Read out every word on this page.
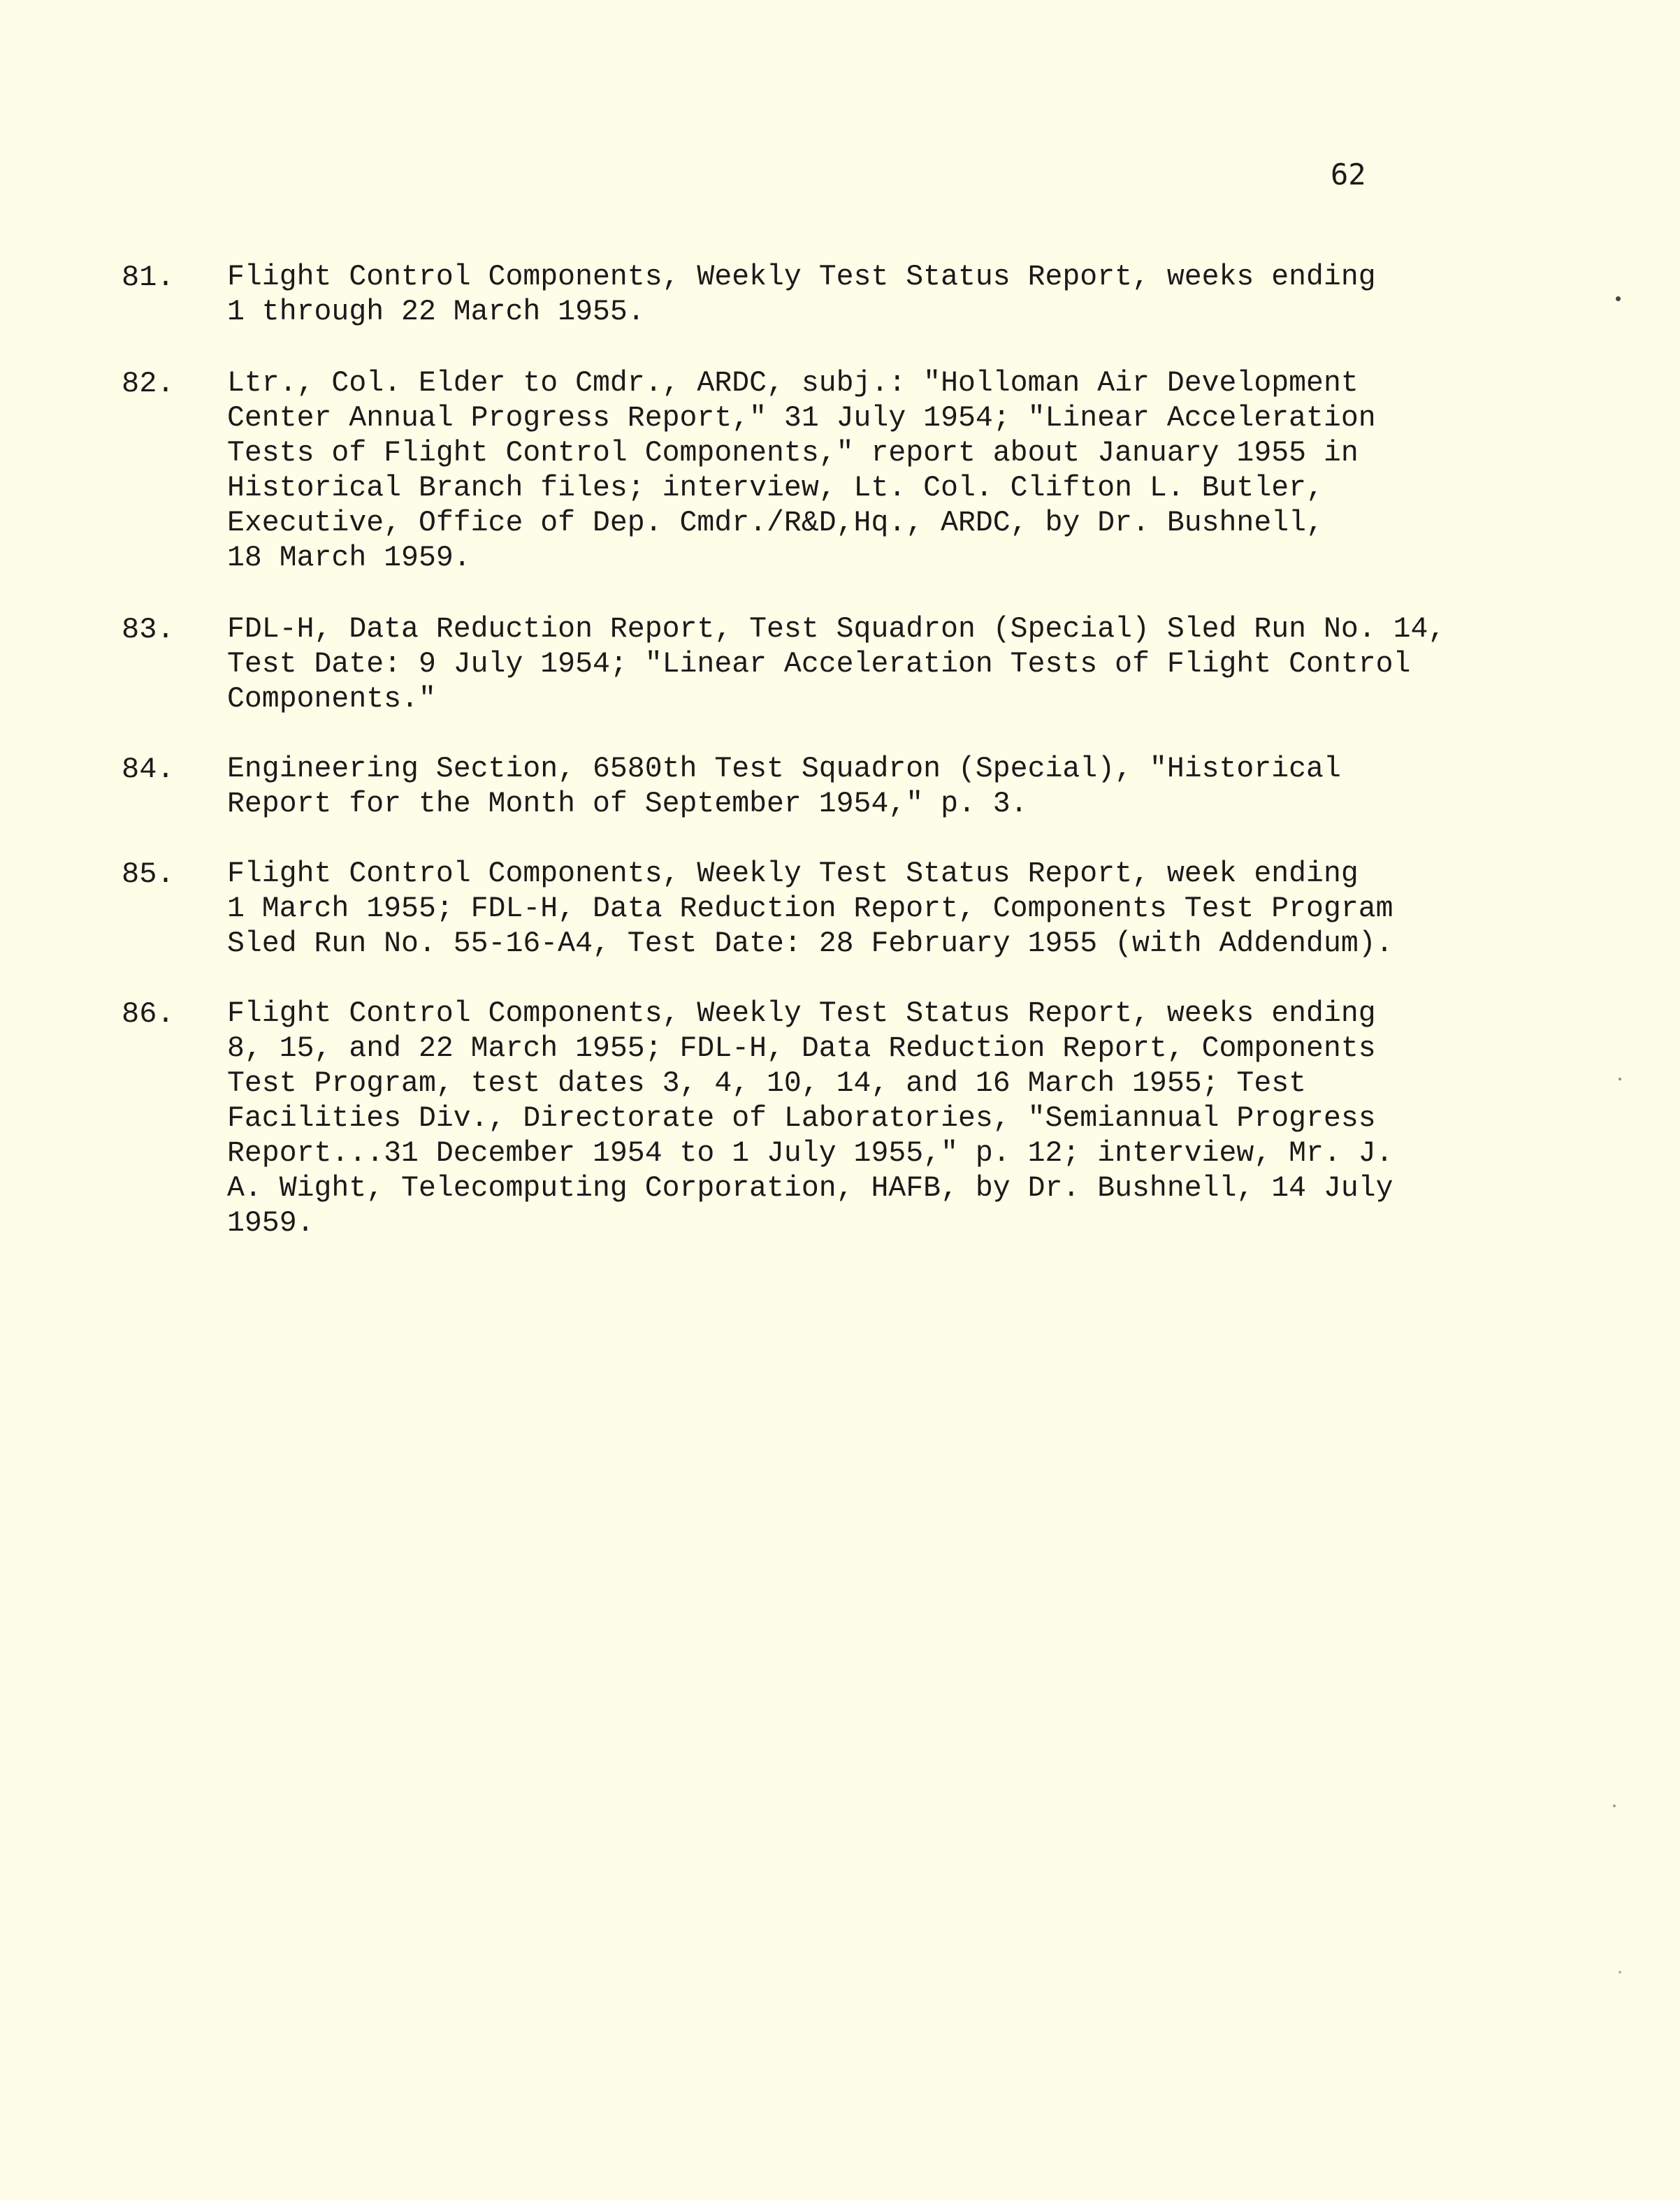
62
81. Flight Control Components, Weekly Test Status Report, weeks ending
1 through 22 March 1955.
82. Ltr., Col. Elder to Cmdr., ARDC, subj.: "Holloman Air Development
Center Annual Progress Report," 31 July 1954; "Linear Acceleration
Tests of Flight Control Components," report about January 1955 in
Historical Branch files; interview, Lt. Col. Clifton L. Butler,
Executive, Office of Dep. Cmdr./R&D,Hq., ARDC, by Dr. Bushnell,
18 March 1959.
83. FDL-H, Data Reduction Report, Test Squadron (Special) Sled Run No. 14,
Test Date: 9 July 1954; "Linear Acceleration Tests of Flight Control
Components."
84. Engineering Section, 6580th Test Squadron (Special), "Historical
Report for the Month of September 1954," p. 3.
85. Flight Control Components, Weekly Test Status Report, week ending
1 March 1955; FDL-H, Data Reduction Report, Components Test Program
Sled Run No. 55-16-A4, Test Date: 28 February 1955 (with Addendum).
86. Flight Control Components, Weekly Test Status Report, weeks ending
8, 15, and 22 March 1955; FDL-H, Data Reduction Report, Components
Test Program, test dates 3, 4, 10, 14, and 16 March 1955; Test
Facilities Div., Directorate of Laboratories, "Semiannual Progress
Report...31 December 1954 to 1 July 1955," p. 12; interview, Mr. J.
A. Wight, Telecomputing Corporation, HAFB, by Dr. Bushnell, 14 July
1959.
